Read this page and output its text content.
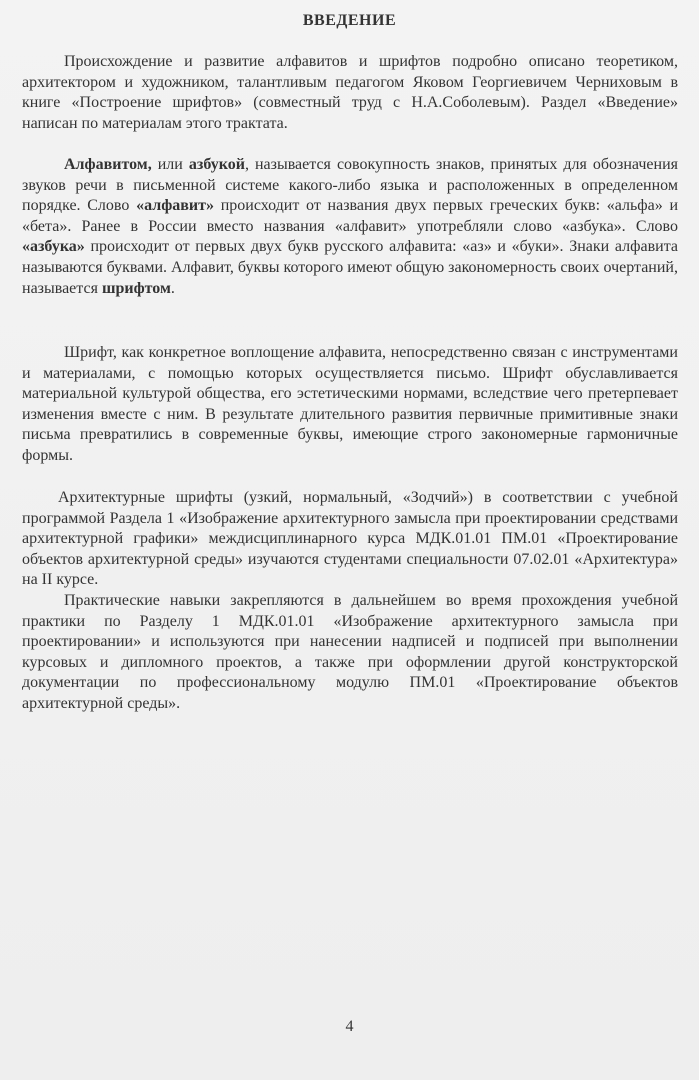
ВВЕДЕНИЕ

Происхождение и развитие алфавитов и шрифтов подробно описано теоретиком, архитектором и художником, талантливым педагогом Яковом Георгиевичем Черниховым в книге «Построение шрифтов» (совместный труд с Н.А.Соболевым). Раздел «Введение» написан по материалам этого трактата.

Алфавитом, или азбукой, называется совокупность знаков, принятых для обозначения звуков речи в письменной системе какого-либо языка и расположенных в определенном порядке. Слово «алфавит» происходит от названия двух первых греческих букв: «альфа» и «бета». Ранее в России вместо названия «алфавит» употребляли слово «азбука». Слово «азбука» происходит от первых двух букв русского алфавита: «аз» и «буки». Знаки алфавита называются буквами. Алфавит, буквы которого имеют общую закономерность своих очертаний, называется шрифтом.

Шрифт, как конкретное воплощение алфавита, непосредственно связан с инструментами и материалами, с помощью которых осуществляется письмо. Шрифт обуславливается материальной культурой общества, его эстетическими нормами, вследствие чего претерпевает изменения вместе с ним. В результате длительного развития первичные примитивные знаки письма превратились в современные буквы, имеющие строго закономерные гармоничные формы.

Архитектурные шрифты (узкий, нормальный, «Зодчий») в соответствии с учебной программой Раздела 1 «Изображение архитектурного замысла при проектировании средствами архитектурной графики» междисциплинарного курса МДК.01.01 ПМ.01 «Проектирование объектов архитектурной среды» изучаются студентами специальности 07.02.01 «Архитектура» на II курсе.

Практические навыки закрепляются в дальнейшем во время прохождения учебной практики по Разделу 1 МДК.01.01 «Изображение архитектурного замысла при проектировании» и используются при нанесении надписей и подписей при выполнении курсовых и дипломного проектов, а также при оформлении другой конструкторской документации по профессиональному модулю ПМ.01 «Проектирование объектов архитектурной среды».

4
